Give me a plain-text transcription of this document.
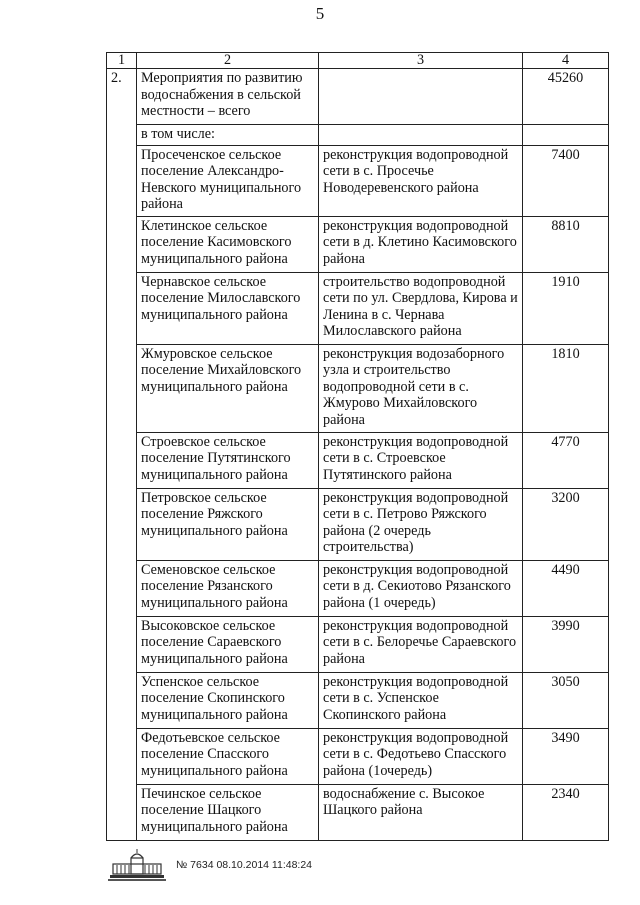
5
1	2	3	4
2.	Мероприятия по развитию водоснабжения в сельской местности – всего		45260
	в том числе:		
	Просеченское сельское поселение Александро-Невского муниципального района	реконструкция водопроводной сети в с. Просечье Новодеревенского района	7400
	Клетинское сельское поселение Касимовского муниципального района	реконструкция водопроводной сети в д. Клетино Касимовского района	8810
	Чернавское сельское поселение Милославского муниципального района	строительство водопроводной сети по ул. Свердлова, Кирова и Ленина в с. Чернава Милославского района	1910
	Жмуровское сельское поселение Михайловского муниципального района	реконструкция водозаборного узла и строительство водопроводной сети в с. Жмурово Михайловского района	1810
	Строевское сельское поселение Путятинского муниципального района	реконструкция водопроводной сети в с. Строевское Путятинского района	4770
	Петровское сельское поселение Ряжского муниципального района	реконструкция водопроводной сети в с. Петрово Ряжского района (2 очередь строительства)	3200
	Семеновское сельское поселение Рязанского муниципального района	реконструкция водопроводной сети в д. Секиотово Рязанского района (1 очередь)	4490
	Высоковское сельское поселение Сараевского муниципального района	реконструкция водопроводной сети в с. Белоречье Сараевского района	3990
	Успенское сельское поселение Скопинского муниципального района	реконструкция водопроводной сети в с. Успенское Скопинского района	3050
	Федотьевское сельское поселение Спасского муниципального района	реконструкция водопроводной сети в с. Федотьево Спасского района (1очередь)	3490
	Печинское сельское поселение Шацкого муниципального района	водоснабжение с. Высокое Шацкого района	2340
№ 7634 08.10.2014 11:48:24
